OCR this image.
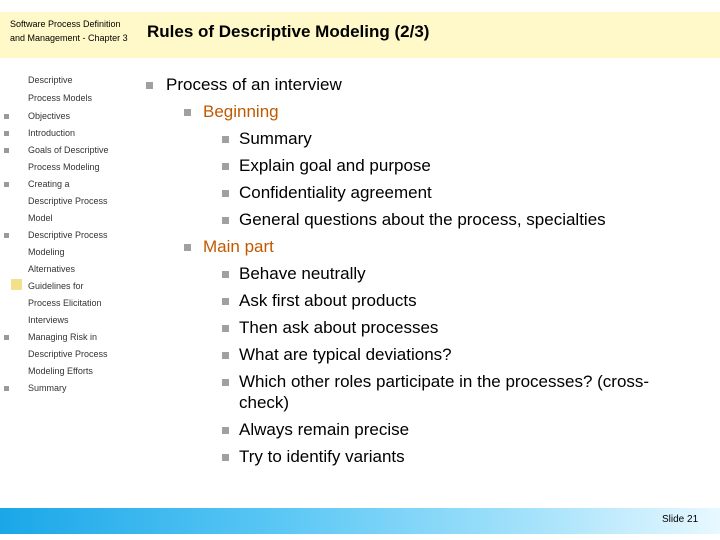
Software Process Definition
and Management - Chapter 3	Rules of Descriptive Modeling (2/3)
Descriptive
Process Models
Objectives
Introduction
Goals of Descriptive
Process Modeling
Creating a
Descriptive Process
Model
Descriptive Process
Modeling
Alternatives
Guidelines for
Process Elicitation
Interviews
Managing Risk in
Descriptive Process
Modeling Efforts
Summary
Process of an interview
Beginning
Summary
Explain goal and purpose
Confidentiality agreement
General questions about the process, specialties
Main part
Behave neutrally
Ask first about products
Then ask about processes
What are typical deviations?
Which other roles participate in the processes? (cross-
check)
Always remain precise
Try to identify variants
Slide 21
